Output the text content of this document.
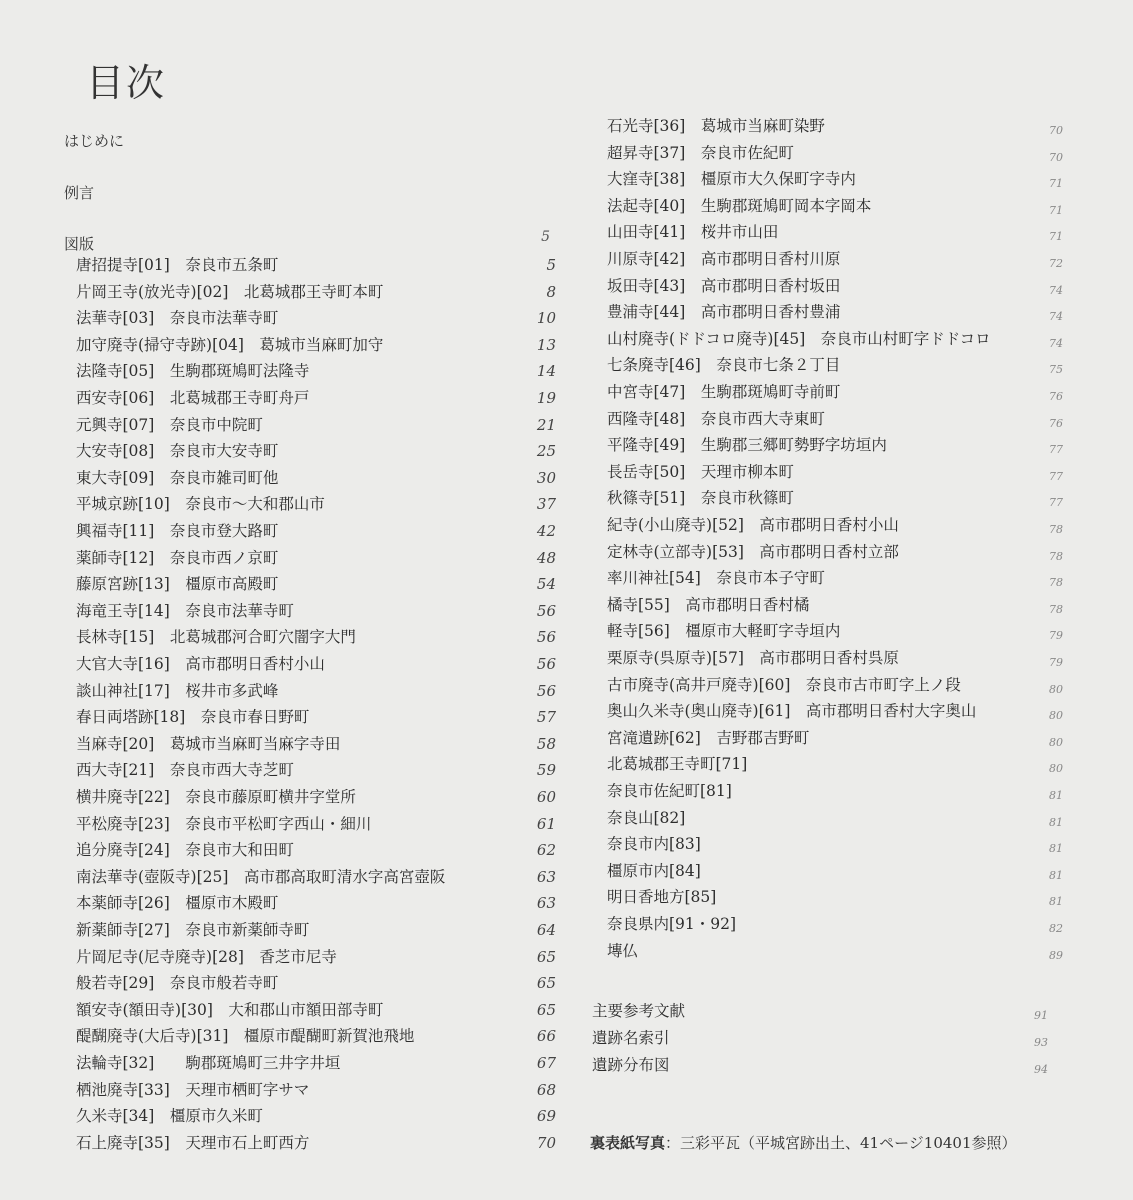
目次
はじめに
例言
図版	5
唐招提寺[01]　奈良市五条町	5
片岡王寺(放光寺)[02]　北葛城郡王寺町本町	8
法華寺[03]　奈良市法華寺町	10
加守廃寺(掃守寺跡)[04]　葛城市当麻町加守	13
法隆寺[05]　生駒郡斑鳩町法隆寺	14
西安寺[06]　北葛城郡王寺町舟戸	19
元興寺[07]　奈良市中院町	21
大安寺[08]　奈良市大安寺町	25
東大寺[09]　奈良市雑司町他	30
平城京跡[10]　奈良市～大和郡山市	37
興福寺[11]　奈良市登大路町	42
薬師寺[12]　奈良市西ノ京町	48
藤原宮跡[13]　橿原市高殿町	54
海竜王寺[14]　奈良市法華寺町	56
長林寺[15]　北葛城郡河合町穴闇字大門	56
大官大寺[16]　高市郡明日香村小山	56
談山神社[17]　桜井市多武峰	56
春日両塔跡[18]　奈良市春日野町	57
当麻寺[20]　葛城市当麻町当麻字寺田	58
西大寺[21]　奈良市西大寺芝町	59
横井廃寺[22]　奈良市藤原町横井字堂所	60
平松廃寺[23]　奈良市平松町字西山・細川	61
追分廃寺[24]　奈良市大和田町	62
南法華寺(壺阪寺)[25]　高市郡高取町清水字高宮壺阪	63
本薬師寺[26]　橿原市木殿町	63
新薬師寺[27]　奈良市新薬師寺町	64
片岡尼寺(尼寺廃寺)[28]　香芝市尼寺	65
般若寺[29]　奈良市般若寺町	65
額安寺(額田寺)[30]　大和郡山市額田部寺町	65
醍醐廃寺(大后寺)[31]　橿原市醍醐町新賀池飛地	66
法輪寺[32]　　駒郡斑鳩町三井字井垣	67
栖池廃寺[33]　天理市栖町字サマ	68
久米寺[34]　橿原市久米町	69
石上廃寺[35]　天理市石上町西方	70
石光寺[36]　葛城市当麻町染野	70
超昇寺[37]　奈良市佐紀町	70
大窪寺[38]　橿原市大久保町字寺内	71
法起寺[40]　生駒郡斑鳩町岡本字岡本	71
山田寺[41]　桜井市山田	71
川原寺[42]　高市郡明日香村川原	72
坂田寺[43]　高市郡明日香村坂田	74
豊浦寺[44]　高市郡明日香村豊浦	74
山村廃寺(ドドコロ廃寺)[45]　奈良市山村町字ドドコロ	74
七条廃寺[46]　奈良市七条２丁目	75
中宮寺[47]　生駒郡斑鳩町寺前町	76
西隆寺[48]　奈良市西大寺東町	76
平隆寺[49]　生駒郡三郷町勢野字坊垣内	77
長岳寺[50]　天理市柳本町	77
秋篠寺[51]　奈良市秋篠町	77
紀寺(小山廃寺)[52]　高市郡明日香村小山	78
定林寺(立部寺)[53]　高市郡明日香村立部	78
率川神社[54]　奈良市本子守町	78
橘寺[55]　高市郡明日香村橘	78
軽寺[56]　橿原市大軽町字寺垣内	79
栗原寺(呉原寺)[57]　高市郡明日香村呉原	79
古市廃寺(高井戸廃寺)[60]　奈良市古市町字上ノ段	80
奥山久米寺(奥山廃寺)[61]　高市郡明日香村大字奥山	80
宮滝遺跡[62]　吉野郡吉野町	80
北葛城郡王寺町[71]	80
奈良市佐紀町[81]	81
奈良山[82]	81
奈良市内[83]	81
橿原市内[84]	81
明日香地方[85]	81
奈良県内[91・92]	82
塼仏	89
主要参考文献	91
遺跡名索引	93
遺跡分布図	94
裏表紙写真：三彩平瓦（平城宮跡出土、41ページ10401参照）
